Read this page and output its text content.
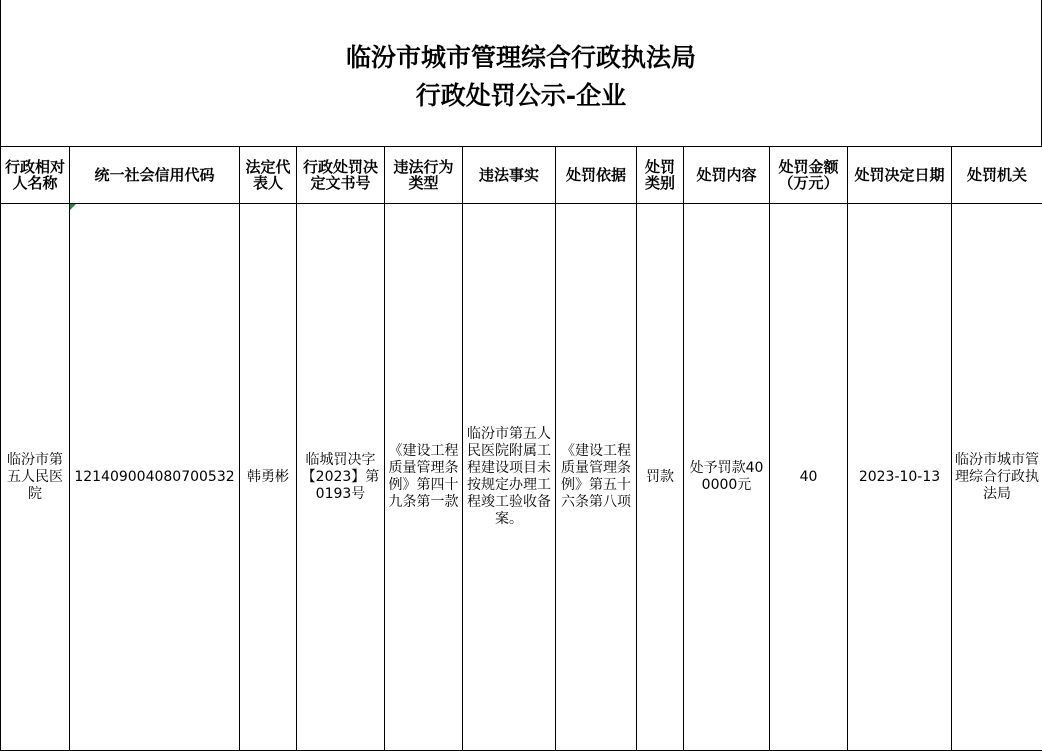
临汾市城市管理综合行政执法局
行政处罚公示-企业
行政相对人名称	统一社会信用代码	法定代表人	行政处罚决定文书号	违法行为类型	违法事实	处罚依据	处罚类别	处罚内容	处罚金额（万元）	处罚决定日期	处罚机关
临汾市第五人民医院	121409004080700532	韩勇彬	临城罚决字【2023】第0193号	《建设工程质量管理条例》第四十九条第一款	临汾市第五人民医院附属工程建设项目未按规定办理工程竣工验收备案。	《建设工程质量管理条例》第五十六条第八项	罚款	处予罚款400000元	40	2023-10-13	临汾市城市管理综合行政执法局
